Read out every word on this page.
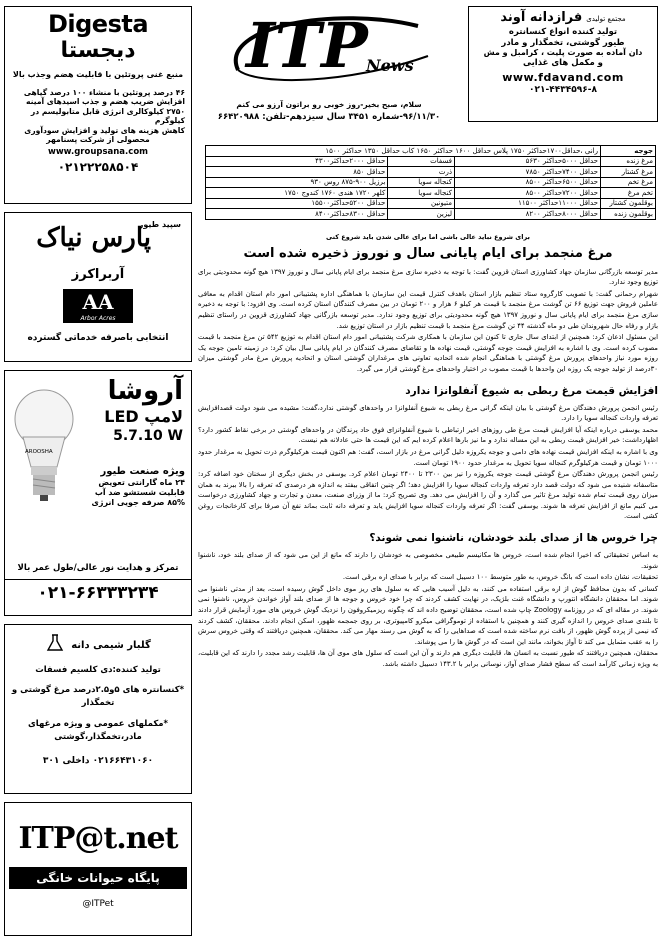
Digesta
دیجستا
منبع غنی پروتئین با قابلیت هضم وجذب بالا
۴۶ درصد پروتئین با منشاء ۱۰۰ درصد گیاهی
افزایش ضریب هضم و جذب اسیدهای آمینه
۲۷۵۰ کیلوکالری انرژی قابل متابولیسم در کیلوگرم
کاهش هزینه های تولید و افزایش سودآوری
محصولی از شرکت پسنامهر
www.groupsana.com
۰۲۱۲۲۲۵۸۵۰۴
سپید طیور
پارس نیاک
آربراکرز
AA
Arbor Acres
انتخابی باصرفه خدماتی گسترده
آروشا
لامپ LED
5.7.10 W
AROOSHA
ویژه صنعت طیور
۲۴ ماه گارانتی تعویض
قابلیت شستشو ضد آب
۸۵% صرفه جویی انرژی
تمرکز و هدایت نور عالی/طول عمر بالا
۰۲۱-۶۶۳۳۳۲۳۴
گلبار شیمی دانه
تولید کننده:دی کلسیم فسفات
*کنسانتره های ۵و۲.۵درصد مرغ گوشتی و تخمگذار
*مکملهای عمومی و ویژه مرغهای مادر،تخمگذار،گوشتی
۰۲۱۶۶۴۳۱۰۶۰ داخلی ۳۰۱
ITP@t.net
پایگاه حیوانات خانگی
@ITPet
ITP
News
سلام، صبح بخیر-روز خوبی رو براتون آرزو می کنم
۹۶/۱۱/۳۰-شماره ۳۴۵۱ سال سیزدهم-تلفن: ۶۶۴۲۰۹۸۸
مجتمع تولیدی
فرازدانه آوند
تولید کننده انواع کنسانتره
طیور گوشتی، تخمگذار و مادر
دان آماده به صورت پلیت ، کرامبل و مش
و مکمل های غذایی
www.fdavand.com
۰۲۱-۴۴۳۴۵۹۶-۸
جوجه	رانی ،حداقل۱۷۰۰حداکثر ۱۷۵۰ پلاس حداقل ۱۶۰۰ حداکثر ۱۶۵۰ کاب حداقل ۱۳۵۰ حداکثر ۱۵۰۰		
مرغ زنده	حداقل ۵۰۰۰حداکثر ۵۶۳۰	فسفات	حداقل ۲۰۰۰حداکثر۴۳۰۰
مرغ کشتار	حداقل ۷۴۰۰حداکثر ۷۸۵۰	ذرت	حداقل ۸۵۰
مرغ تخم	حداقل ۶۵۰۰حداکثر ۸۵۰۰	کنجاله سویا	برزیل ۹۰۰-۸۷۵ روس ۹۳۰
تخم مرغ	حداقل ۷۲۰۰حداکثر ۸۵۰۰	کنجاله سویا	کلهر ۱۷۲۰ هندی ۱۷۶۰ کندوج ۱۷۵۰
بوقلمون کشتار	حداقل ۱۱۰۰۰حداکثر ۱۱۵۰۰	متیونین	حداقل ۵۲۰۰حداکثر۱۵۵۰۰
بوقلمون زنده	حداقل ۸۰۰۰حداکثر ۸۲۰۰	لیزین	حداقل ۸۳۰۰حداکثر۸۴۰۰
برای شروع نباید عالی باشی اما برای عالی شدن باید شروع کنی
مرغ منجمد برای ایام پایانی سال و نوروز ذخیره شده است

مدیر توسعه بازرگانی سازمان جهاد کشاورزی استان قزوین گفت: با توجه به ذخیره سازی مرغ منجمد برای ایام پایانی سال و نوروز ۱۳۹۷ هیچ گونه محدودیتی برای توزیع وجود ندارد.

شهرام رحمانی گفت: با تصویب کارگروه ستاد تنظیم بازار استان باهدف کنترل قیمت این سازمان با هماهنگی اداره پشتیبانی امور دام استان اقدام به معافی عاملین فروش جهت توزیع ۶۶ تن گوشت مرغ منجمد با قیمت هر کیلو ۶ هزار و ۲۰۰ تومان در بین مصرف کنندگان استان کرده است. وی افزود: با توجه به ذخیره سازی مرغ منجمد برای ایام پایانی سال و نوروز ۱۳۹۷ هیچ گونه محدودیتی برای توزیع وجود ندارد. مدیر توسعه بازرگانی جهاد کشاورزی قزوین در راستای تنظیم بازار و رفاه حال شهروندان طی دو ماه گذشته ۴۴ تن گوشت مرغ منجمد با قیمت تنظیم بازار در استان توزیع شد.

این مسئول اذعان کرد: همچنین از ابتدای سال جاری تا کنون این سازمان با همکاری شرکت پشتیبانی امور دام استان اقدام به توزیع ۵۴۲ تن مرغ منجمد با قیمت مصوب کرده است. وی با اشاره به افزایش قیمت جوجه گوشتی، قیمت نهاده ها و تقاضای مصرف کنندگان در ایام پایانی سال بیان کرد: در زمینه تامین جوجه یک روزه مورد نیاز واحدهای پرورش مرغ گوشتی با هماهنگی انجام شده اتحادیه تعاونی های مرغداران گوشتی استان و اتحادیه پرورش مرغ مادر گوشتی میزان ۳۰درصد از تولید جوجه یک روزه این واحدها با قیمت مصوب در اختیار واحدهای مرغ گوشتی قرار می گیرد.

افزایش قیمت مرغ ربطی به شیوع آنفلوانزا ندارد

رئیس انجمن پرورش دهندگان مرغ گوشتی با بیان اینکه گرانی مرغ ربطی به شیوع آنفلوانزا در واحدهای گوشتی ندارد،گفت: مشیده می شود دولت قصدافزایش تعرفه واردات کنجاله سویا را دارد.

محمد یوسفی درباره اینکه آیا افزایش قیمت مرغ طی روزهای اخیر ارتباطی با شیوع آنفلوانزای فوق حاد پرندگان در واحدهای گوشتی در برخی نقاط کشور دارد؟ اظهارداشت: خیر افزایش قیمت ربطی به این مساله ندارد و ما نیز بارها اعلام کرده ایم که این قیمت ها حتی عادلانه هم نیست.

وی با اشاره به اینکه افزایش قیمت نهاده های دامی و جوجه یکروزه دلیل گرانی مرغ در بازار است، گفت: هم اکنون قیمت هرکیلوگرم ذرت تحویل به مرغدار حدود ۱۰۰۰ تومان و قیمت هرکیلوگرم کنجاله سویا تحویل به مرغدار حدود ۱۹۰۰ تومان است.

رئیس انجمن پرورش دهندگان مرغ گوشتی قیمت جوجه یکروزه را نیز بین ۲۳۰۰ تا ۲۴۰۰ تومان اعلام کرد. یوسفی در بخش دیگری از سخنان خود اضافه کرد: متاسفانه شنیده می شود که دولت قصد دارد تعرفه واردات کنجاله سویا را افزایش دهد؛ اگر چنین اتفاقی بیفتد به اندازه هر درصدی که تعرفه را بالا ببرند به همان میزان روی قیمت تمام شده تولید مرغ تاثیر می گذارد و آن را افزایش می دهد. وی تصریح کرد: ما از وزرای صنعت، معدن و تجارت و جهاد کشاورزی درخواست می کنیم مانع از افزایش تعرفه ها شوند. یوسفی گفت: اگر تعرفه واردات کنجاله سویا افزایش یابد و تعرفه دانه ثابت بماند نفع آن صرفا برای کارخانجات روغن کشی است.

چرا خروس ها از صدای بلند خودشان، ناشنوا نمی شوند؟

به اساس تحقیقاتی که اخیرا انجام شده است، خروس ها مکانیسم طبیعی مخصوصی به خودشان را دارند که مانع از این می شود که از صدای بلند خود، ناشنوا شوند.

تحقیقات، نشان داده است که بانگ خروس، به طور متوسط ۱۰۰ دسیبل است که برابر با صدای اره برقی است.

کسانی که بدون محافظ گوش از اره برقی استفاده می کنند، به دلیل آسیب هایی که به سلول های ریز موی داخل گوش رسیده است، بعد از مدتی ناشنوا می شوند. اما محققان دانشگاه انتورپ و دانشگاه غنت بلژیک، در نهایت کشف کردند که چرا خود خروس و جوجه ها از صدای بلند آواز خواندن خروس، ناشنوا نمی شوند. در مقاله ای که در روزنامه Zoology چاپ شده است، محققان توضیح داده اند که چگونه ریزمیکروفون را نزدیک گوش خروس های مورد آزمایش قرار دادند تا بلندی صدای خروس را اندازه گیری کنند و همچنین با استفاده از توموگرافی میکرو کامپیوتری، بر روی جمجمه ظهور، اسکن انجام دادند. محققان، کشف کردند که نیمی از پرده گوش ظهور، از بافت نرم ساخته شده است که صداهایی را که به گوش می رسند مهار می کند. محققان، همچنین دریافتند که وقتی خروس سرش را به عقب متمایل می کند تا آواز بخواند، مانند این است که در گوش ها را می پوشاند.

محققان، همچنین دریافتند که طیور نسبت به انسان ها، قابلیت دیگری هم دارند و آن این است که سلول های موی آن ها، قابلیت رشد مجدد را دارند که این قابلیت، به ویژه زمانی کارآمد است که سطح فشار صدای آواز، نوسانی برابر با ۱۴۳.۲ دسیبل داشته باشد.
